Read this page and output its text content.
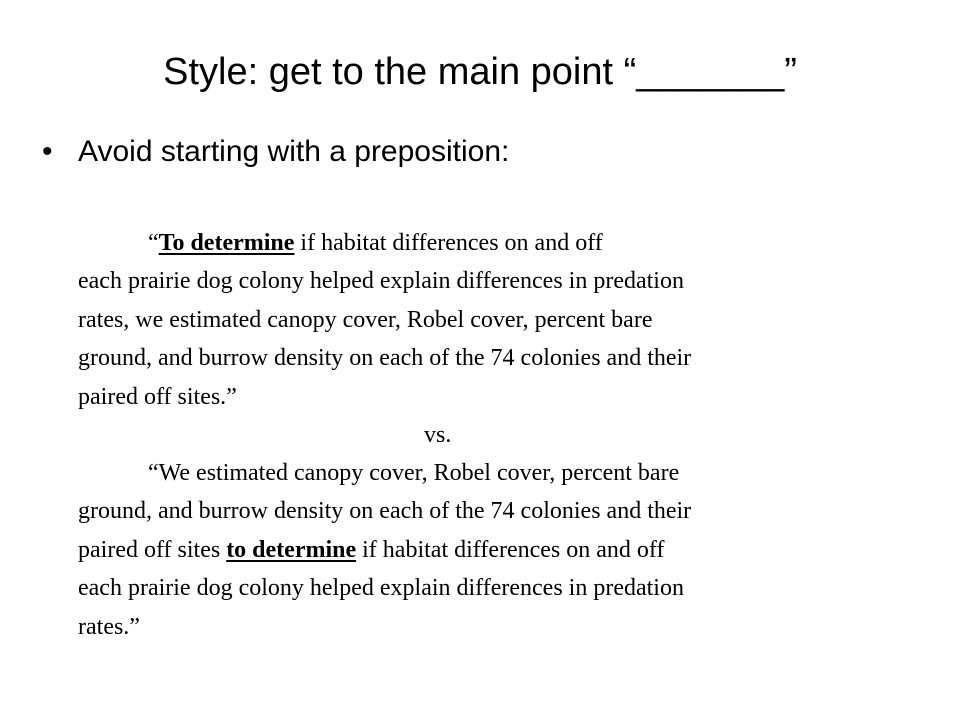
Style: get to the main point “_______”
• Avoid starting with a preposition:
“To determine if habitat differences on and off
each prairie dog colony helped explain differences in predation
rates, we estimated canopy cover, Robel cover, percent bare
ground, and burrow density on each of the 74 colonies and their
paired off sites.”
vs.
“We estimated canopy cover, Robel cover, percent bare
ground, and burrow density on each of the 74 colonies and their
paired off sites to determine if habitat differences on and off
each prairie dog colony helped explain differences in predation
rates.”
